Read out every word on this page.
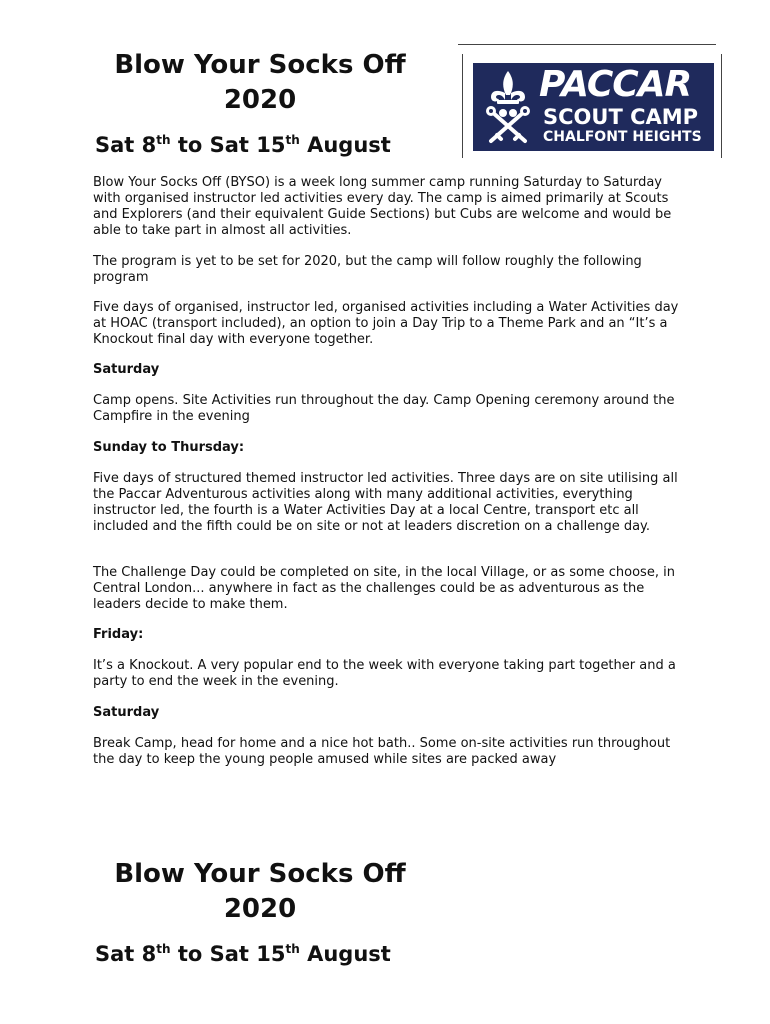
Blow Your Socks Off
2020
Sat 8th to Sat 15th August
PACCAR
SCOUT CAMP
CHALFONT HEIGHTS

Blow Your Socks Off (BYSO) is a week long summer camp running Saturday to Saturday with organised instructor led activities every day. The camp is aimed primarily at Scouts and Explorers (and their equivalent Guide Sections) but Cubs are welcome and would be able to take part in almost all activities.

The program is yet to be set for 2020, but the camp will follow roughly the following program

Five days of organised, instructor led, organised activities including a Water Activities day at HOAC (transport included), an option to join a Day Trip to a Theme Park and an “It’s a Knockout final day with everyone together.

Saturday

Camp opens. Site Activities run throughout the day. Camp Opening ceremony around the Campfire in the evening

Sunday to Thursday:

Five days of structured themed instructor led activities. Three days are on site utilising all the Paccar Adventurous activities along with many additional activities, everything instructor led, the fourth is a Water Activities Day at a local Centre, transport etc all included and the fifth could be on site or not at leaders discretion on a challenge day.

The Challenge Day could be completed on site, in the local Village, or as some choose, in Central London... anywhere in fact as the challenges could be as adventurous as the leaders decide to make them.

Friday:

It’s a Knockout. A very popular end to the week with everyone taking part together and a party to end the week in the evening.

Saturday

Break Camp, head for home and a nice hot bath.. Some on-site activities run throughout the day to keep the young people amused while sites are packed away

Blow Your Socks Off
2020
Sat 8th to Sat 15th August
